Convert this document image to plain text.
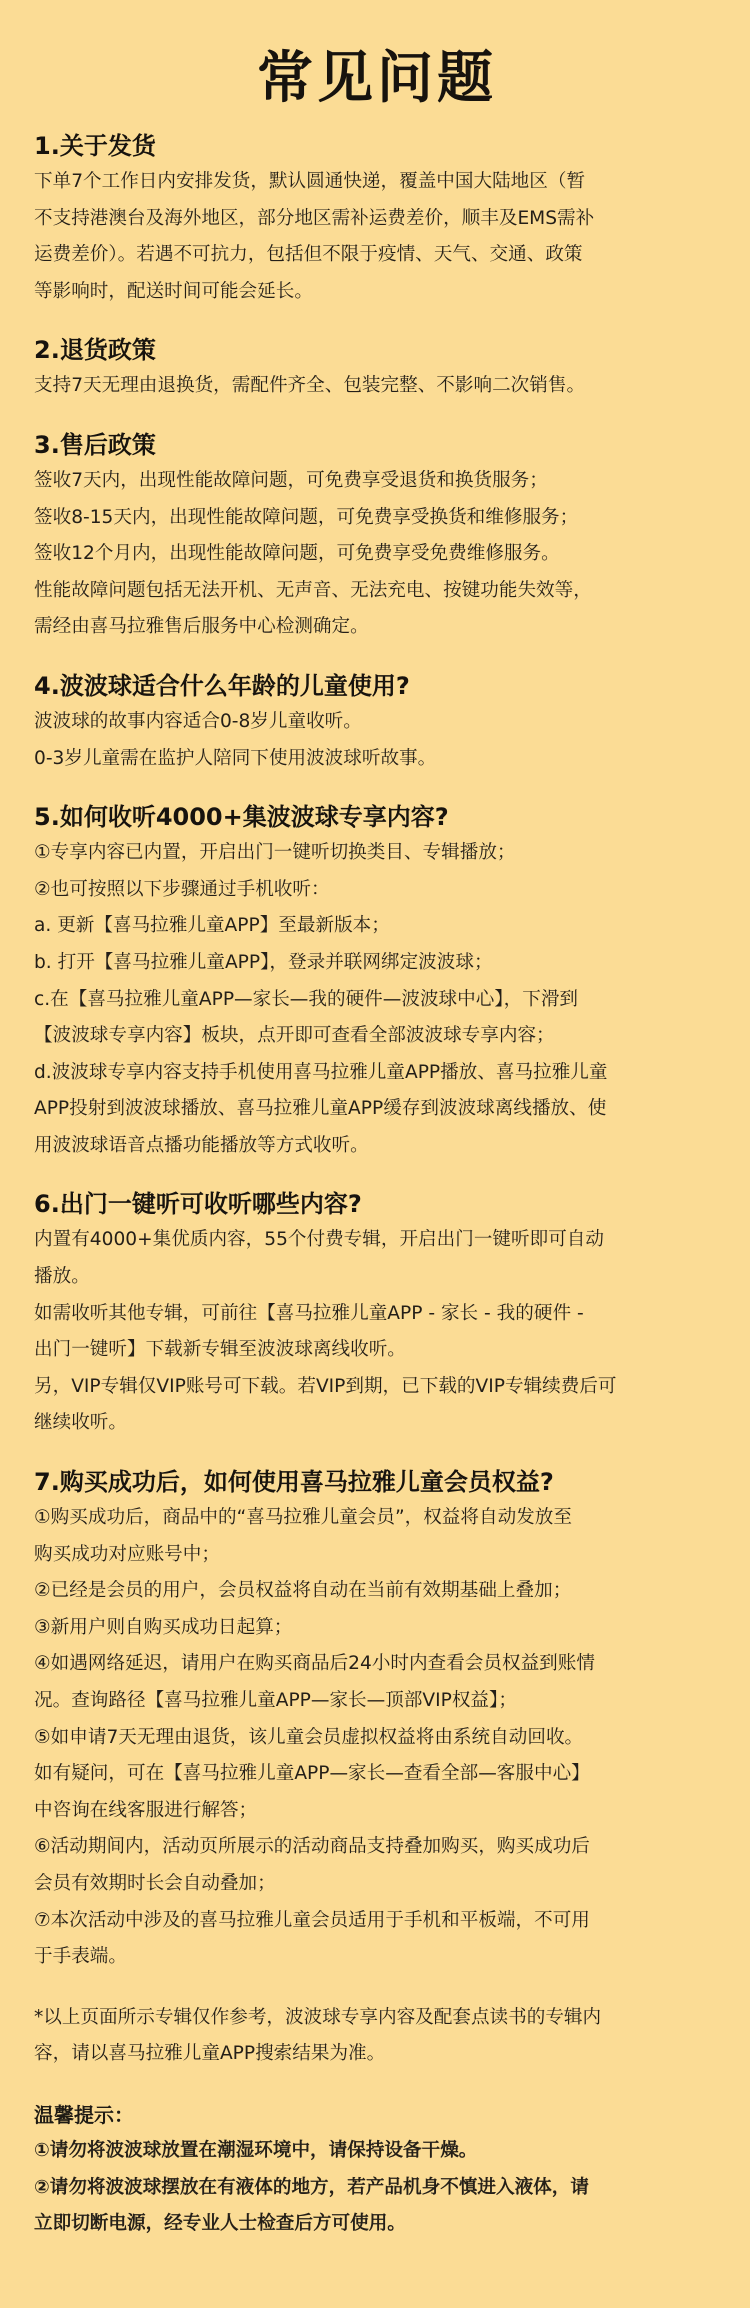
常见问题
1.关于发货

下单7个工作日内安排发货，默认圆通快递，覆盖中国大陆地区（暂

不支持港澳台及海外地区，部分地区需补运费差价，顺丰及EMS需补

运费差价）。若遇不可抗力，包括但不限于疫情、天气、交通、政策

等影响时，配送时间可能会延长。

2.退货政策

支持7天无理由退换货，需配件齐全、包装完整、不影响二次销售。

3.售后政策

签收7天内，出现性能故障问题，可免费享受退货和换货服务；

签收8-15天内，出现性能故障问题，可免费享受换货和维修服务；

签收12个月内，出现性能故障问题，可免费享受免费维修服务。

性能故障问题包括无法开机、无声音、无法充电、按键功能失效等，

需经由喜马拉雅售后服务中心检测确定。

4.波波球适合什么年龄的儿童使用?

波波球的故事内容适合0-8岁儿童收听。

0-3岁儿童需在监护人陪同下使用波波球听故事。

5.如何收听4000+集波波球专享内容?

①专享内容已内置，开启出门一键听切换类目、专辑播放；

②也可按照以下步骤通过手机收听：

a. 更新【喜马拉雅儿童APP】至最新版本；

b. 打开【喜马拉雅儿童APP】，登录并联网绑定波波球；

c.在【喜马拉雅儿童APP—家长—我的硬件—波波球中心】，下滑到

【波波球专享内容】板块，点开即可查看全部波波球专享内容；

d.波波球专享内容支持手机使用喜马拉雅儿童APP播放、喜马拉雅儿童

APP投射到波波球播放、喜马拉雅儿童APP缓存到波波球离线播放、使

用波波球语音点播功能播放等方式收听。

6.出门一键听可收听哪些内容?

内置有4000+集优质内容，55个付费专辑，开启出门一键听即可自动

播放。

如需收听其他专辑，可前往【喜马拉雅儿童APP - 家长 - 我的硬件 -

出门一键听】下载新专辑至波波球离线收听。

另，VIP专辑仅VIP账号可下载。若VIP到期，已下载的VIP专辑续费后可

继续收听。

7.购买成功后，如何使用喜马拉雅儿童会员权益?

①购买成功后，商品中的“喜马拉雅儿童会员”，权益将自动发放至

购买成功对应账号中；

②已经是会员的用户，会员权益将自动在当前有效期基础上叠加；

③新用户则自购买成功日起算；

④如遇网络延迟，请用户在购买商品后24小时内查看会员权益到账情

况。查询路径【喜马拉雅儿童APP—家长—顶部VIP权益】；

⑤如申请7天无理由退货，该儿童会员虚拟权益将由系统自动回收。

如有疑问，可在【喜马拉雅儿童APP—家长—查看全部—客服中心】

中咨询在线客服进行解答；

⑥活动期间内，活动页所展示的活动商品支持叠加购买，购买成功后

会员有效期时长会自动叠加；

⑦本次活动中涉及的喜马拉雅儿童会员适用于手机和平板端，不可用

于手表端。

*以上页面所示专辑仅作参考，波波球专享内容及配套点读书的专辑内

容，请以喜马拉雅儿童APP搜索结果为准。

温馨提示：

①请勿将波波球放置在潮湿环境中，请保持设备干燥。

②请勿将波波球摆放在有液体的地方，若产品机身不慎进入液体，请

立即切断电源，经专业人士检查后方可使用。
